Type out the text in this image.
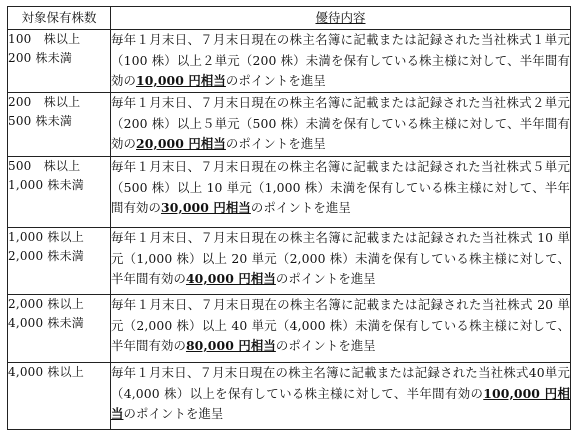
対象保有株数	優待内容

100　株以上
200 株未満	毎年１月末日、７月末日現在の株主名簿に記載または記録された当社株式１単元（100 株）以上２単元（200 株）未満を保有している株主様に対して、半年間有効の10,000 円相当のポイントを進呈

200　株以上
500 株未満	毎年１月末日、７月末日現在の株主名簿に記載または記録された当社株式２単元（200 株）以上５単元（500 株）未満を保有している株主様に対して、半年間有効の20,000 円相当のポイントを進呈

500　株以上
1,000 株未満	毎年１月末日、７月末日現在の株主名簿に記載または記録された当社株式５単元（500 株）以上 10 単元（1,000 株）未満を保有している株主様に対して、半年間有効の30,000 円相当のポイントを進呈

1,000 株以上
2,000 株未満	毎年１月末日、７月末日現在の株主名簿に記載または記録された当社株式 10 単元（1,000 株）以上 20 単元（2,000 株）未満を保有している株主様に対して、半年間有効の40,000 円相当のポイントを進呈

2,000 株以上
4,000 株未満	毎年１月末日、７月末日現在の株主名簿に記載または記録された当社株式 20 単元（2,000 株）以上 40 単元（4,000 株）未満を保有している株主様に対して、半年間有効の80,000 円相当のポイントを進呈

4,000 株以上	毎年１月末日、７月末日現在の株主名簿に記載または記録された当社株式40単元（4,000 株）以上を保有している株主様に対して、半年間有効の100,000 円相当のポイントを進呈
